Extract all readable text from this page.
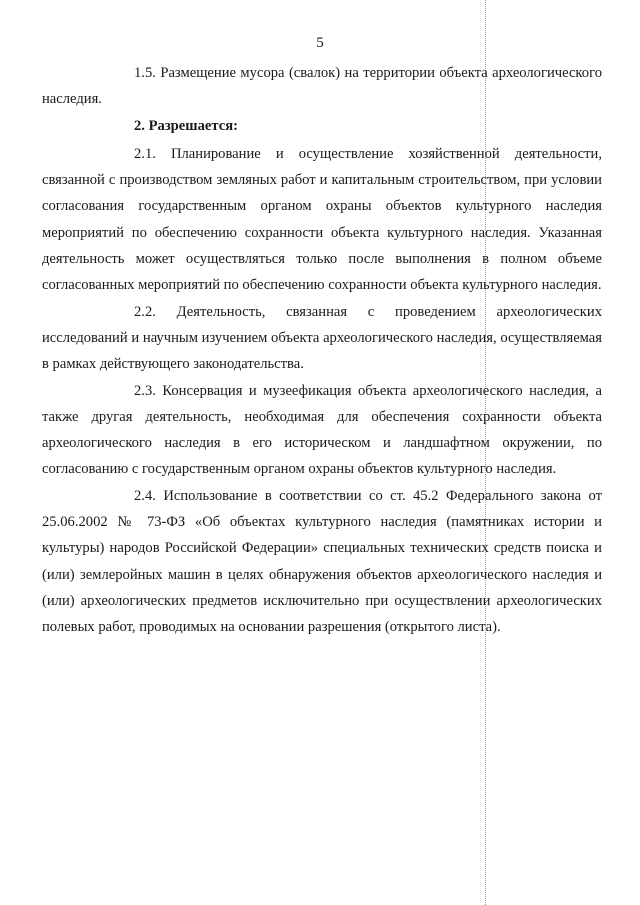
5

1.5. Размещение мусора (свалок) на территории объекта археологического наследия.

2. Разрешается:

2.1. Планирование и осуществление хозяйственной деятельности, связанной с производством земляных работ и капитальным строительством, при условии согласования государственным органом охраны объектов культурного наследия мероприятий по обеспечению сохранности объекта культурного наследия. Указанная деятельность может осуществляться только после выполнения в полном объеме согласованных мероприятий по обеспечению сохранности объекта культурного наследия.

2.2. Деятельность, связанная с проведением археологических исследований и научным изучением объекта археологического наследия, осуществляемая в рамках действующего законодательства.

2.3. Консервация и музеефикация объекта археологического наследия, а также другая деятельность, необходимая для обеспечения сохранности объекта археологического наследия в его историческом и ландшафтном окружении, по согласованию с государственным органом охраны объектов культурного наследия.

2.4. Использование в соответствии со ст. 45.2 Федерального закона от 25.06.2002 № 73-ФЗ «Об объектах культурного наследия (памятниках истории и культуры) народов Российской Федерации» специальных технических средств поиска и (или) землеройных машин в целях обнаружения объектов археологического наследия и (или) археологических предметов исключительно при осуществлении археологических полевых работ, проводимых на основании разрешения (открытого листа).
